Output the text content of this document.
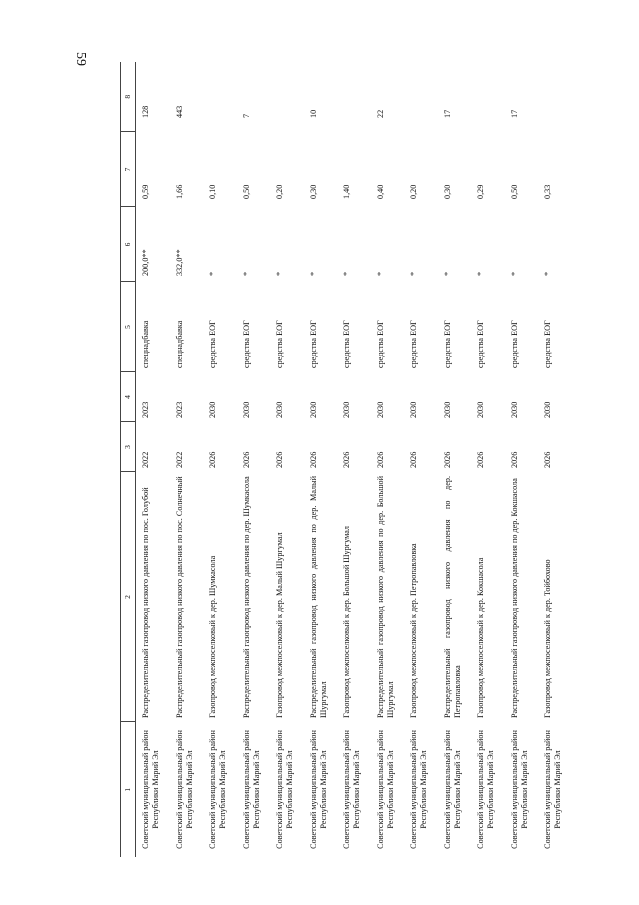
59
1	2	3	4	5	6	7	8
Советский муниципальный район Республики Марий Эл	Распределительный газопровод низкого давления по пос. Голубой	2022	2023	спецнадбавка	200,0**	0,59	128
Советский муниципальный район Республики Марий Эл	Распределительный газопровод низкого давления по пос. Солнечный	2022	2023	спецнадбавка	332,0**	1,66	443
Советский муниципальный район Республики Марий Эл	Газопровод межпоселковый к дер. Шумкасола	2026	2030	средства ЕОГ	*	0,10	
Советский муниципальный район Республики Марий Эл	Распределительный газопровод низкого давления по дер. Шумкасола	2026	2030	средства ЕОГ	*	0,50	7
Советский муниципальный район Республики Марий Эл	Газопровод межпоселковый к дер. Малый Шургумал	2026	2030	средства ЕОГ	*	0,20	
Советский муниципальный район Республики Марий Эл	Распределительный газопровод низкого давления по дер. Малый Шургумал	2026	2030	средства ЕОГ	*	0,30	10
Советский муниципальный район Республики Марий Эл	Газопровод межпоселковый к дер. Большой Шургумал	2026	2030	средства ЕОГ	*	1,40	
Советский муниципальный район Республики Марий Эл	Распределительный газопровод низкого давления по дер. Большой Шургумал	2026	2030	средства ЕОГ	*	0,40	22
Советский муниципальный район Республики Марий Эл	Газопровод межпоселковый к дер. Петропавловка	2026	2030	средства ЕОГ	*	0,20	
Советский муниципальный район Республики Марий Эл	Распределительный газопровод низкого давления по дер. Петропавловка	2026	2030	средства ЕОГ	*	0,30	17
Советский муниципальный район Республики Марий Эл	Газопровод межпоселковый к дер. Кокшасола	2026	2030	средства ЕОГ	*	0,29	
Советский муниципальный район Республики Марий Эл	Распределительный газопровод низкого давления по дер. Кокшасола	2026	2030	средства ЕОГ	*	0,50	17
Советский муниципальный район Республики Марий Эл	Газопровод межпоселковый к дер. Тойбохово	2026	2030	средства ЕОГ	*	0,33	
